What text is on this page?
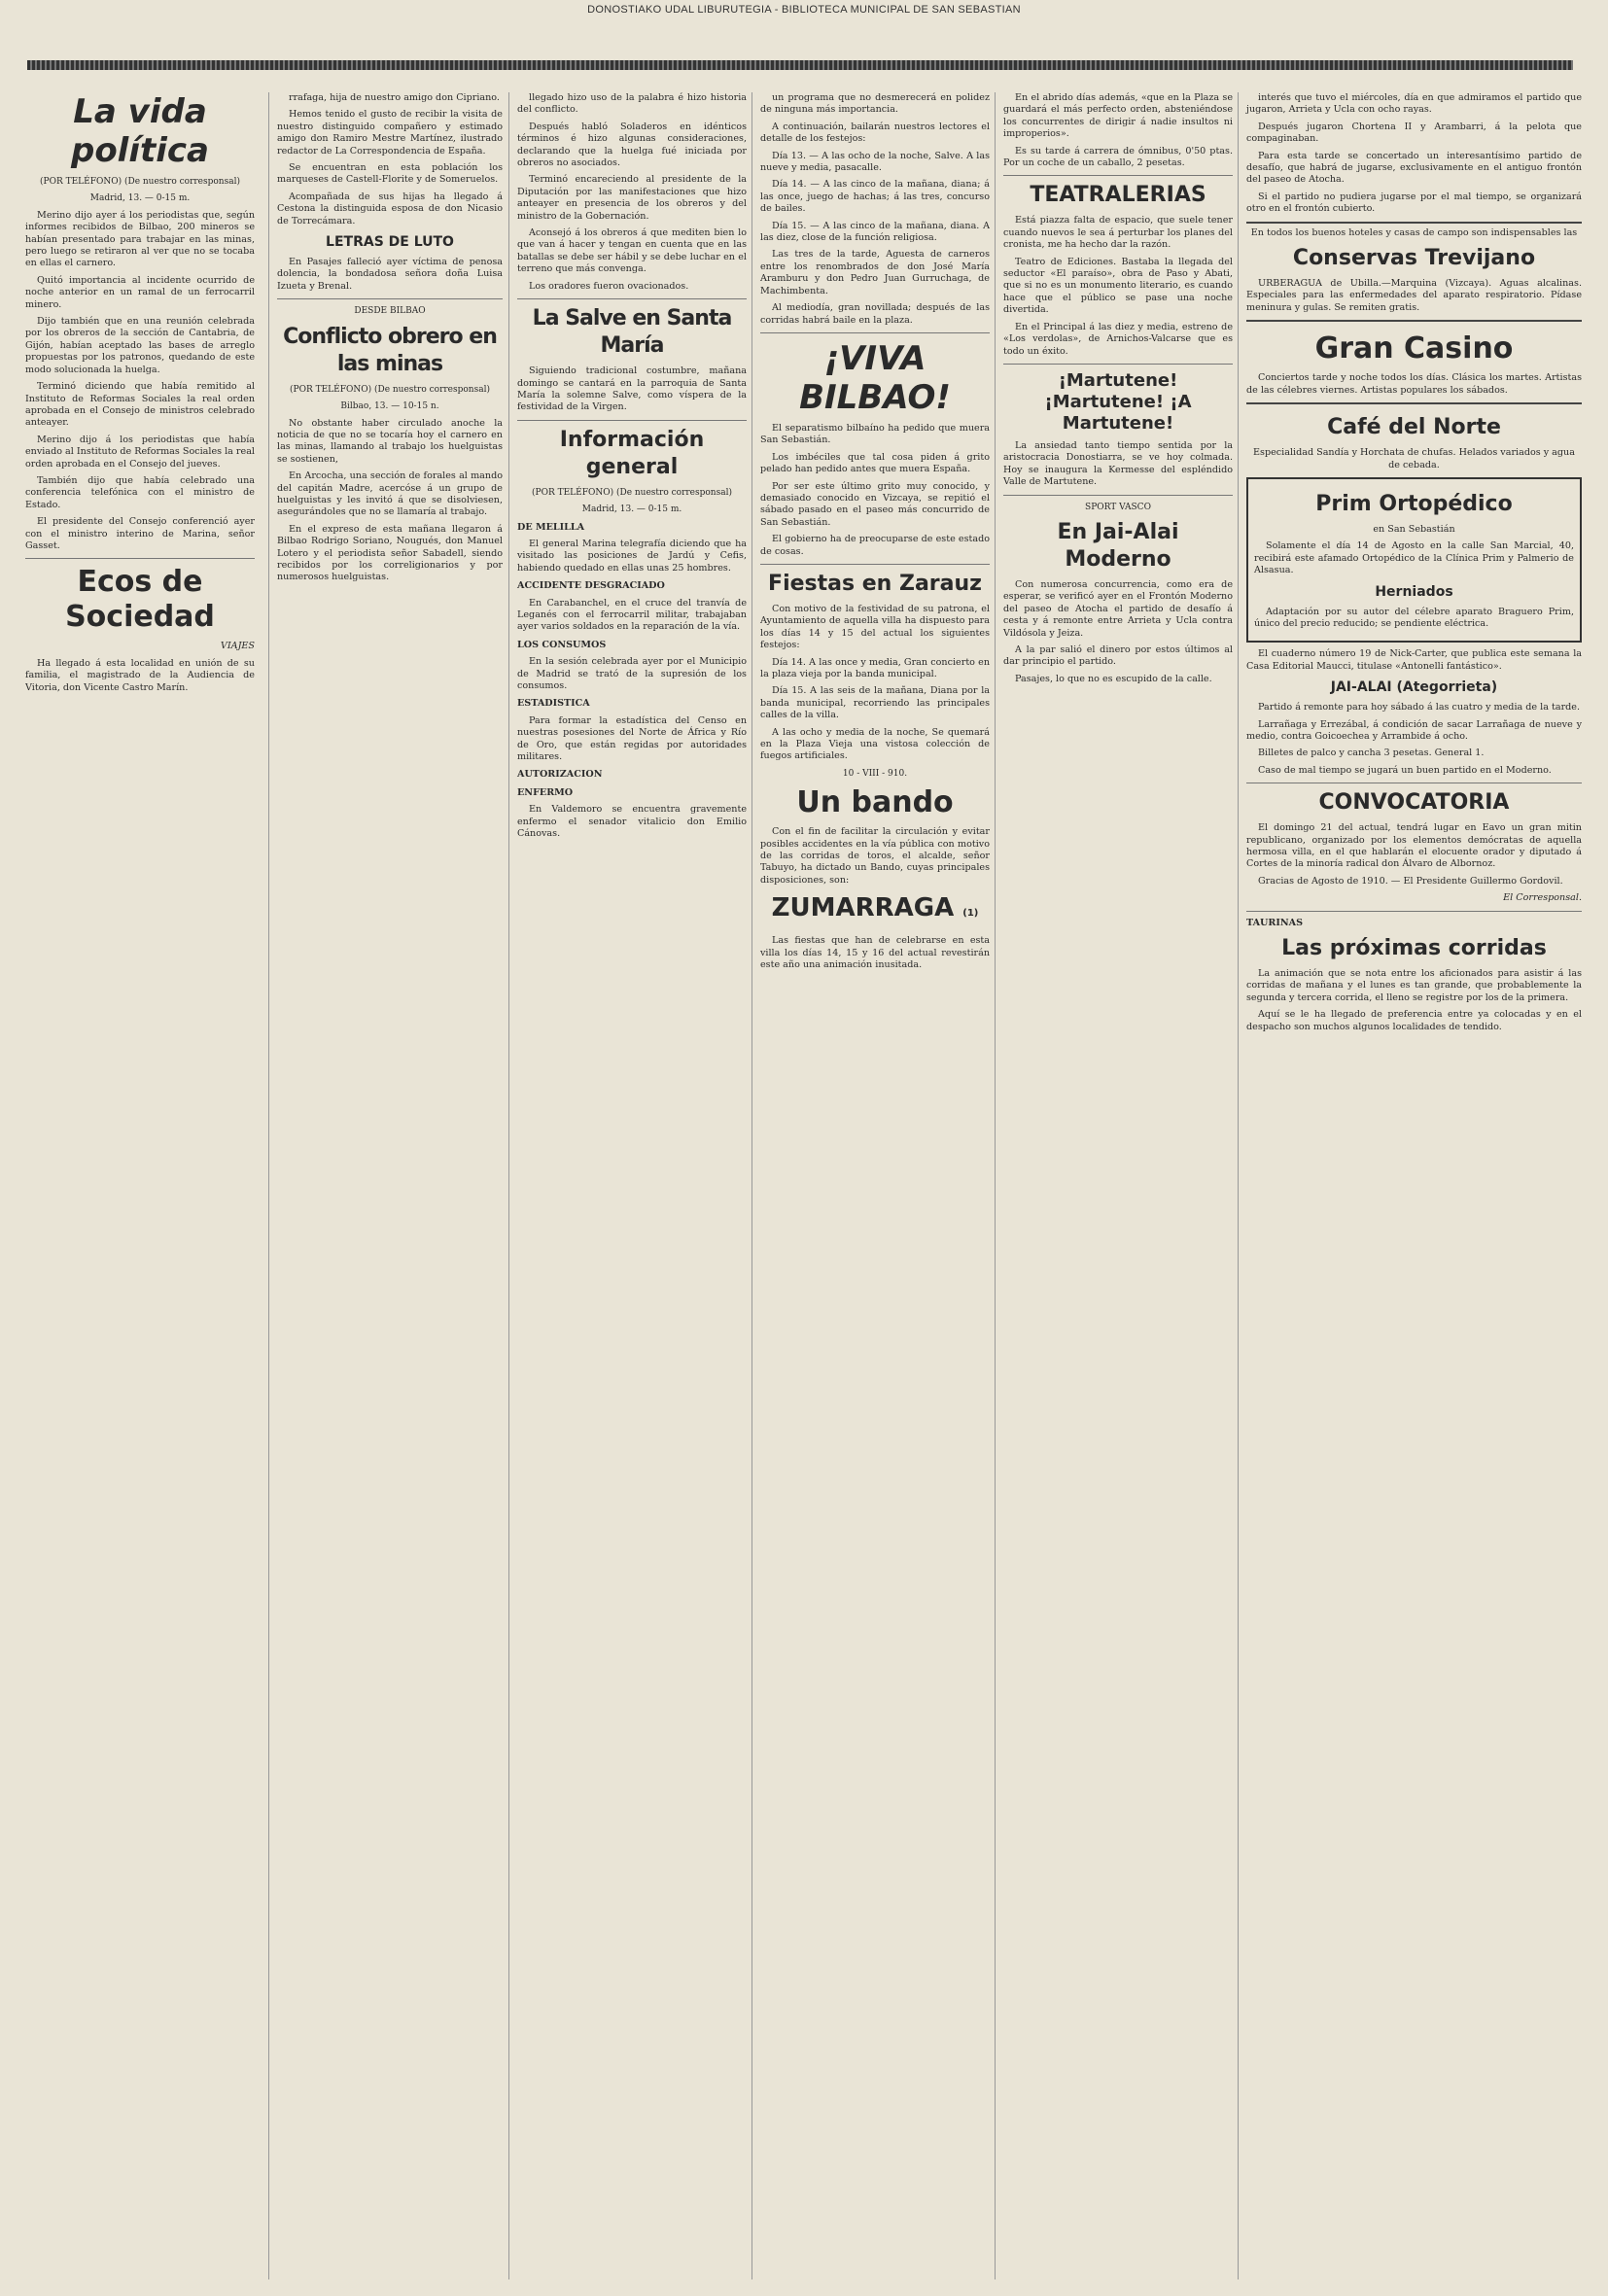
DONOSTIAKO UDAL LIBURUTEGIA - BIBLIOTECA MUNICIPAL DE SAN SEBASTIAN
La vida política

(POR TELÉFONO) (De nuestro corresponsal)

Madrid, 13. — 0-15 m.

Merino dijo ayer á los periodistas que, según informes recibidos de Bilbao, 200 mineros se habían presentado para trabajar en las minas, pero luego se retiraron al ver que no se tocaba en ellas el carnero.

Quitó importancia al incidente ocurrido de noche anterior en un ramal de un ferrocarril minero.

Dijo también que en una reunión celebrada por los obreros de la sección de Cantabria, de Gijón, habían aceptado las bases de arreglo propuestas por los patronos, quedando de este modo solucionada la huelga.

Terminó diciendo que había remitido al Instituto de Reformas Sociales la real orden aprobada en el Consejo de ministros celebrado anteayer.

Merino dijo á los periodistas que había enviado al Instituto de Reformas Sociales la real orden aprobada en el Consejo del jueves.

También dijo que había celebrado una conferencia telefónica con el ministro de Estado.

El presidente del Consejo conferenció ayer con el ministro interino de Marina, señor Gasset.

Ecos de Sociedad

VIAJES

Ha llegado á esta localidad en unión de su familia, el magistrado de la Audiencia de Vitoria, don Vicente Castro Marín.

rrafaga, hija de nuestro amigo don Cipriano.

Hemos tenido el gusto de recibir la visita de nuestro distinguido compañero y estimado amigo don Ramiro Mestre Martínez, ilustrado redactor de La Correspondencia de España.

Se encuentran en esta población los marqueses de Castell-Florite y de Someruelos.

Acompañada de sus hijas ha llegado á Cestona la distinguida esposa de don Nicasio de Torrecámara.

LETRAS DE LUTO

En Pasajes falleció ayer víctima de penosa dolencia, la bondadosa señora doña Luisa Izueta y Brenal.

DESDE BILBAO

Conflicto obrero en las minas

(POR TELÉFONO) (De nuestro corresponsal)

Bilbao, 13. — 10-15 n.

No obstante haber circulado anoche la noticia de que no se tocaría hoy el carnero en las minas, llamando al trabajo los huelguistas se sostienen,

En Arcocha, una sección de forales al mando del capitán Madre, acercóse á un grupo de huelguistas y les invitó á que se disolviesen, asegurándoles que no se llamaría al trabajo.

En el expreso de esta mañana llegaron á Bilbao Rodrigo Soriano, Nougués, don Manuel Lotero y el periodista señor Sabadell, siendo recibidos por los correligionarios y por numerosos huelguistas.

llegado hizo uso de la palabra é hizo historia del conflicto.

Después habló Soladeros en idénticos términos é hizo algunas consideraciones, declarando que la huelga fué iniciada por obreros no asociados.

Terminó encareciendo al presidente de la Diputación por las manifestaciones que hizo anteayer en presencia de los obreros y del ministro de la Gobernación.

Aconsejó á los obreros á que mediten bien lo que van á hacer y tengan en cuenta que en las batallas se debe ser hábil y se debe luchar en el terreno que más convenga.

Los oradores fueron ovacionados.

La Salve en Santa María

Siguiendo tradicional costumbre, mañana domingo se cantará en la parroquia de Santa María la solemne Salve, como víspera de la festividad de la Virgen.

Información general

(POR TELÉFONO) (De nuestro corresponsal)

Madrid, 13. — 0-15 m.

DE MELILLA

El general Marina telegrafía diciendo que ha visitado las posiciones de Jardú y Cefis, habiendo quedado en ellas unas 25 hombres.

ACCIDENTE DESGRACIADO

En Carabanchel, en el cruce del tranvía de Leganés con el ferrocarril militar, trabajaban ayer varios soldados en la reparación de la vía.

LOS CONSUMOS

En la sesión celebrada ayer por el Municipio de Madrid se trató de la supresión de los consumos.

ESTADISTICA

Para formar la estadística del Censo en nuestras posesiones del Norte de África y Río de Oro, que están regidas por autoridades militares.

AUTORIZACION

ENFERMO

En Valdemoro se encuentra gravemente enfermo el senador vitalicio don Emilio Cánovas.

un programa que no desmerecerá en polidez de ninguna más importancia.

A continuación, bailarán nuestros lectores el detalle de los festejos:

Día 13. — A las ocho de la noche, Salve. A las nueve y media, pasacalle.

Día 14. — A las cinco de la mañana, diana; á las once, juego de hachas; á las tres, concurso de bailes.

Día 15. — A las cinco de la mañana, diana. A las diez, close de la función religiosa.

Las tres de la tarde, Aguesta de carneros entre los renombrados de don José María Aramburu y don Pedro Juan Gurruchaga, de Machimbenta.

Al mediodía, gran novillada; después de las corridas habrá baile en la plaza.

¡VIVA BILBAO!

El separatismo bilbaíno ha pedido que muera San Sebastián.

Los imbéciles que tal cosa piden á grito pelado han pedido antes que muera España.

Por ser este último grito muy conocido, y demasiado conocido en Vizcaya, se repitió el sábado pasado en el paseo más concurrido de San Sebastián.

El gobierno ha de preocuparse de este estado de cosas.

Fiestas en Zarauz

Con motivo de la festividad de su patrona, el Ayuntamiento de aquella villa ha dispuesto para los días 14 y 15 del actual los siguientes festejos:

Día 14. A las once y media, Gran concierto en la plaza vieja por la banda municipal.

Día 15. A las seis de la mañana, Diana por la banda municipal, recorriendo las principales calles de la villa.

A las ocho y media de la noche, Se quemará en la Plaza Vieja una vistosa colección de fuegos artificiales.

10 - VIII - 910.

Un bando

Con el fin de facilitar la circulación y evitar posibles accidentes en la vía pública con motivo de las corridas de toros, el alcalde, señor Tabuyo, ha dictado un Bando, cuyas principales disposiciones, son:

ZUMARRAGA (1)

Las fiestas que han de celebrarse en esta villa los días 14, 15 y 16 del actual revestirán este año una animación inusitada.

En el abrido días además, «que en la Plaza se guardará el más perfecto orden, absteniéndose los concurrentes de dirigir á nadie insultos ni improperios».

Es su tarde á carrera de ómnibus, 0'50 ptas. Por un coche de un caballo, 2 pesetas.

TEATRALERIAS

Está piazza falta de espacio, que suele tener cuando nuevos le sea á perturbar los planes del cronista, me ha hecho dar la razón.

Teatro de Ediciones. Bastaba la llegada del seductor «El paraíso», obra de Paso y Abati, que si no es un monumento literario, es cuando hace que el público se pase una noche divertida.

En el Principal á las diez y media, estreno de «Los verdolas», de Arnichos-Valcarse que es todo un éxito.

¡Martutene! ¡Martutene! ¡A Martutene!

La ansiedad tanto tiempo sentida por la aristocracia Donostiarra, se ve hoy colmada. Hoy se inaugura la Kermesse del espléndido Valle de Martutene.

SPORT VASCO

En Jai-Alai Moderno

Con numerosa concurrencia, como era de esperar, se verificó ayer en el Frontón Moderno del paseo de Atocha el partido de desafío á cesta y á remonte entre Arrieta y Ucla contra Vildósola y Jeiza.

A la par salió el dinero por estos últimos al dar principio el partido.

Pasajes, lo que no es escupido de la calle.

interés que tuvo el miércoles, día en que admiramos el partido que jugaron, Arrieta y Ucla con ocho rayas.

Después jugaron Chortena II y Arambarri, á la pelota que compaginaban.

Para esta tarde se concertado un interesantísimo partido de desafío, que habrá de jugarse, exclusivamente en el antiguo frontón del paseo de Atocha.

Si el partido no pudiera jugarse por el mal tiempo, se organizará otro en el frontón cubierto.

En todos los buenos hoteles y casas de campo son indispensables las

Conservas Trevijano

URBERAGUA de Ubilla.—Marquina (Vizcaya). Aguas alcalinas. Especiales para las enfermedades del aparato respiratorio. Pídase meninura y gulas. Se remiten gratis.

Gran Casino

Conciertos tarde y noche todos los días. Clásica los martes. Artistas de las célebres viernes. Artistas populares los sábados.

Café del Norte

Especialidad Sandía y Horchata de chufas. Helados variados y agua de cebada.

Prim Ortopédico

en San Sebastián

Solamente el día 14 de Agosto en la calle San Marcial, 40, recibirá este afamado Ortopédico de la Clínica Prim y Palmerio de Alsasua.

Herniados

Adaptación por su autor del célebre aparato Braguero Prim, único del precio reducido; se pendiente eléctrica.

El cuaderno número 19 de Nick-Carter, que publica este semana la Casa Editorial Maucci, titulase «Antonelli fantástico».

JAI-ALAI (Ategorrieta)

Partido á remonte para hoy sábado á las cuatro y media de la tarde.

Larrañaga y Errezábal, á condición de sacar Larrañaga de nueve y medio, contra Goicoechea y Arrambide á ocho.

Billetes de palco y cancha 3 pesetas. General 1.

Caso de mal tiempo se jugará un buen partido en el Moderno.

CONVOCATORIA

El domingo 21 del actual, tendrá lugar en Eavo un gran mitin republicano, organizado por los elementos demócratas de aquella hermosa villa, en el que hablarán el elocuente orador y diputado á Cortes de la minoría radical don Álvaro de Albornoz.

Gracias de Agosto de 1910. — El Presidente Guillermo Gordovil.

El Corresponsal.

TAURINAS

Las próximas corridas

La animación que se nota entre los aficionados para asistir á las corridas de mañana y el lunes es tan grande, que probablemente la segunda y tercera corrida, el lleno se registre por los de la primera.

Aquí se le ha llegado de preferencia entre ya colocadas y en el despacho son muchos algunos localidades de tendido.
